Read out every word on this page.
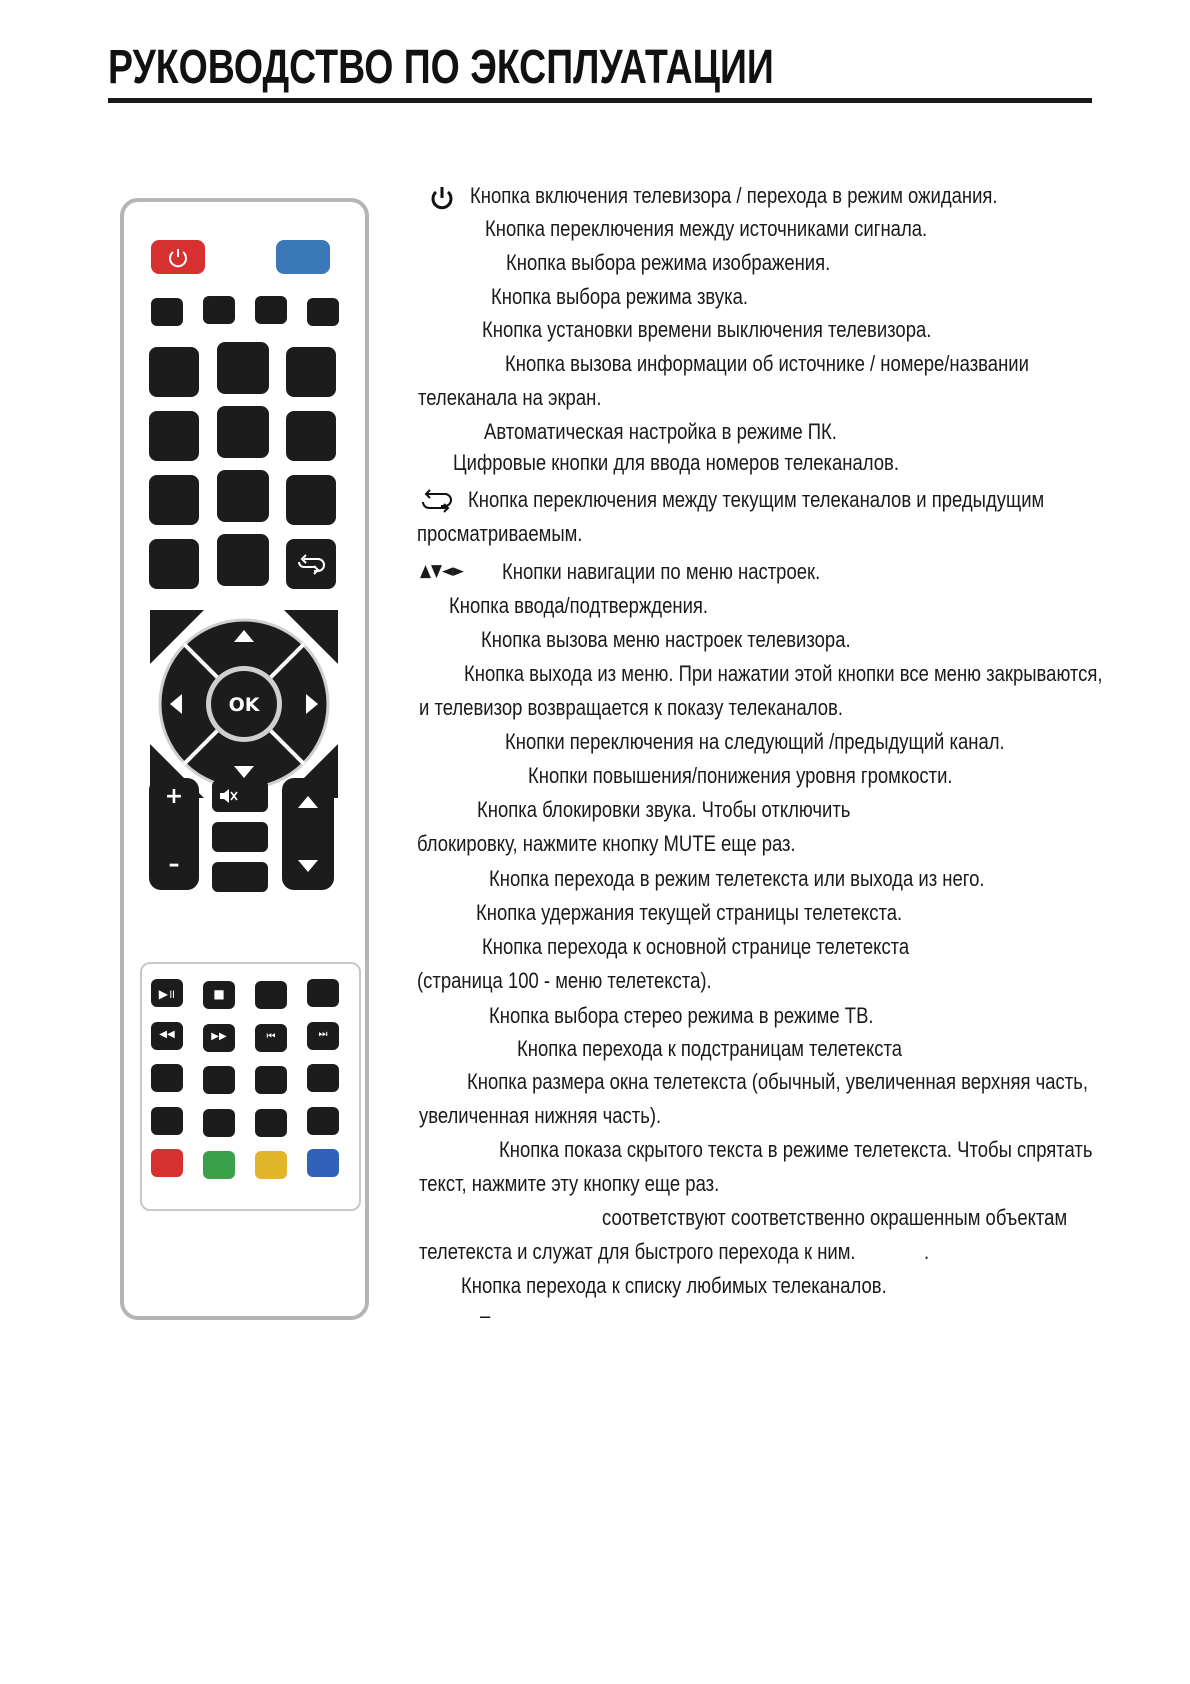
РУКОВОДСТВО ПО ЭКСПЛУАТАЦИИ
OK
+
–
▶॥	■
◀◀	▶▶	⏮	⏭
Кнопка включения телевизора / перехода в режим ожидания.
Кнопка переключения между источниками сигнала.
Кнопка выбора режима изображения.
Кнопка выбора режима звука.
Кнопка установки времени выключения телевизора.
Кнопка вызова информации об источнике / номере/названии
телеканала на экран.
Автоматическая настройка в режиме ПК.
Цифровые кнопки для ввода номеров телеканалов.
Кнопка переключения между текущим телеканалов и предыдущим
просматриваемым.
▲▼◄► Кнопки навигации по меню настроек.
Кнопка ввода/подтверждения.
Кнопка вызова меню настроек телевизора.
Кнопка выхода из меню. При нажатии этой кнопки все меню закрываются,
и телевизор возвращается к показу телеканалов.
Кнопки переключения на следующий /предыдущий канал.
Кнопки повышения/понижения уровня громкости.
Кнопка блокировки звука. Чтобы отключить
блокировку, нажмите кнопку MUTE еще раз.
Кнопка перехода в режим телетекста или выхода из него.
Кнопка удержания текущей страницы телетекста.
Кнопка перехода к основной странице телетекста
(страница 100 - меню телетекста).
Кнопка выбора стерео режима в режиме ТВ.
Кнопка перехода к подстраницам телетекста
Кнопка размера окна телетекста (обычный, увеличенная верхняя часть,
увеличенная нижняя часть).
Кнопка показа скрытого текста в режиме телетекста. Чтобы спрятать
текст, нажмите эту кнопку еще раз.
соответствуют соответственно окрашенным объектам
телетекста и служат для быстрого перехода к ним.	.
Кнопка перехода к списку любимых телеканалов.
–
